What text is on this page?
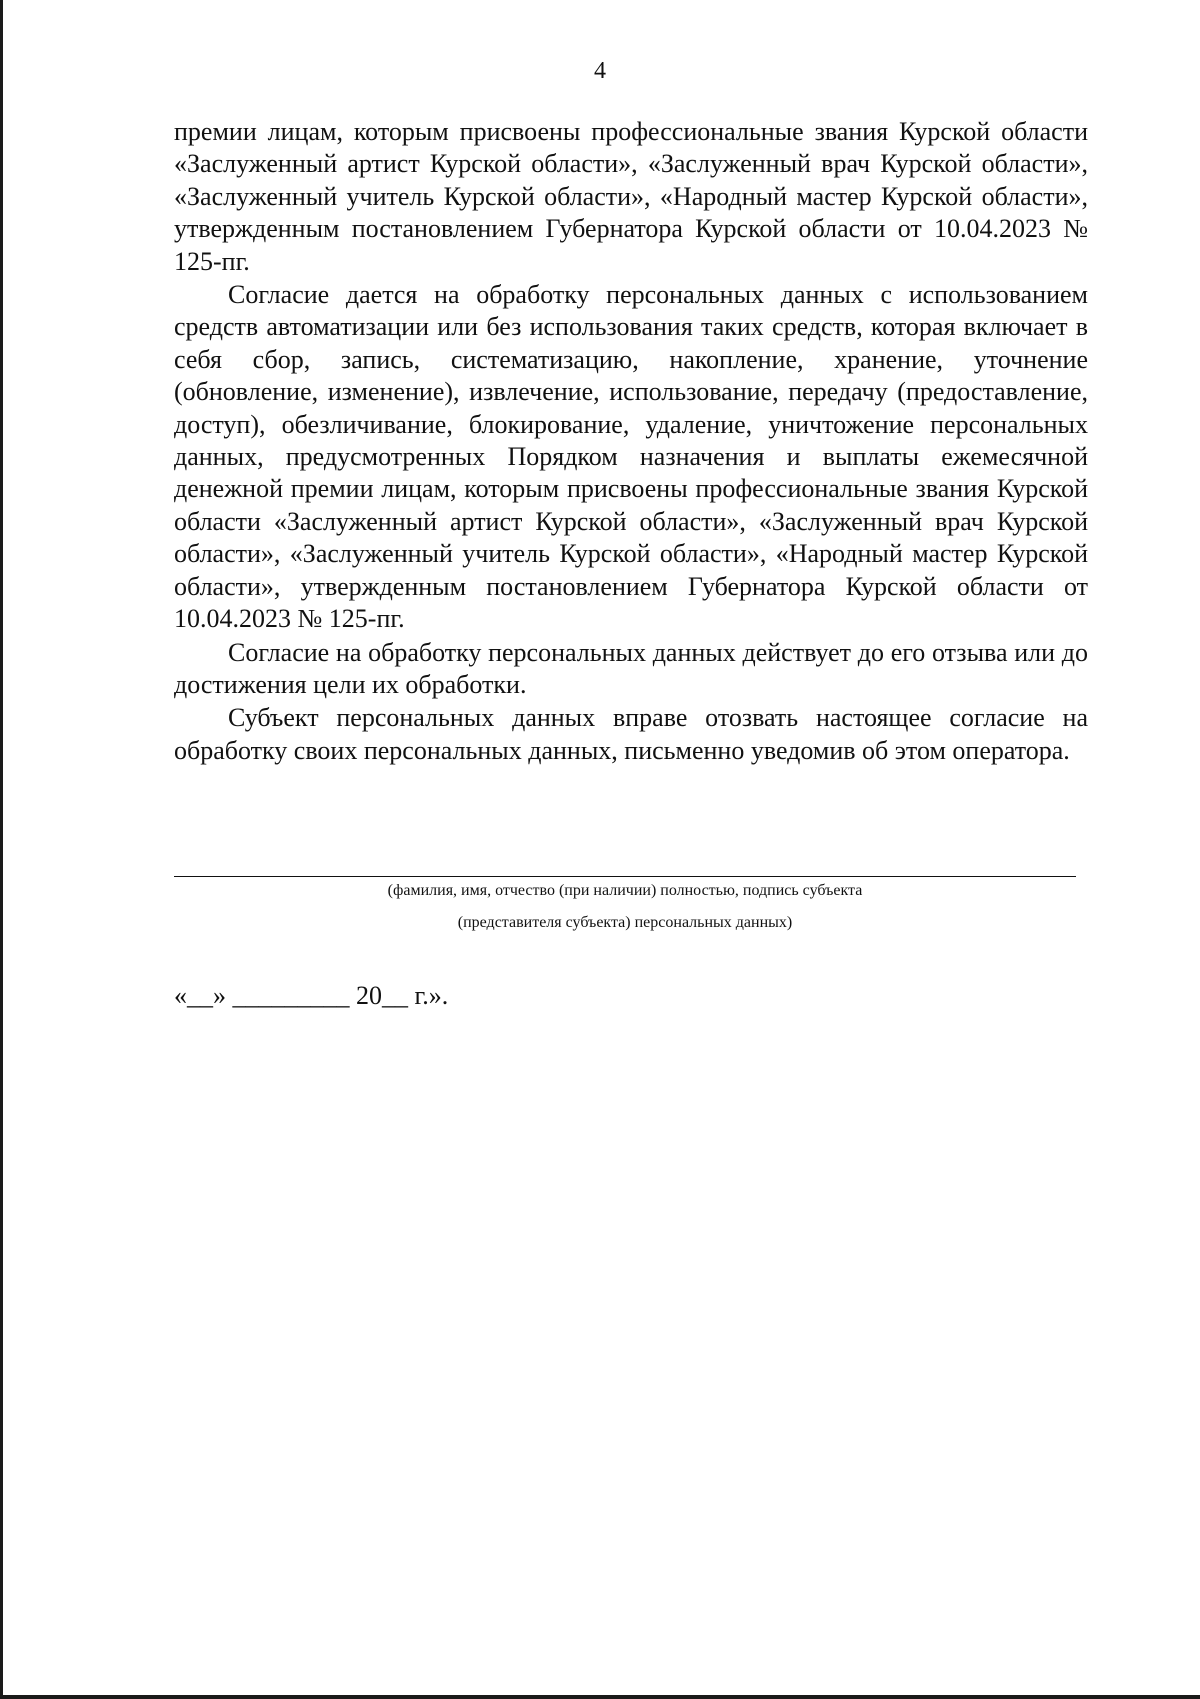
4

премии лицам, которым присвоены профессиональные звания Курской области «Заслуженный артист Курской области», «Заслуженный врач Курской области», «Заслуженный учитель Курской области», «Народный мастер Курской области», утвержденным постановлением Губернатора Курской области от 10.04.2023 № 125-пг.

Согласие дается на обработку персональных данных с использованием средств автоматизации или без использования таких средств, которая включает в себя сбор, запись, систематизацию, накопление, хранение, уточнение (обновление, изменение), извлечение, использование, передачу (предоставление, доступ), обезличивание, блокирование, удаление, уничтожение персональных данных, предусмотренных Порядком назначения и выплаты ежемесячной денежной премии лицам, которым присвоены профессиональные звания Курской области «Заслуженный артист Курской области», «Заслуженный врач Курской области», «Заслуженный учитель Курской области», «Народный мастер Курской области», утвержденным постановлением Губернатора Курской области от 10.04.2023 № 125-пг.

Согласие на обработку персональных данных действует до его отзыва или до достижения цели их обработки.

Субъект персональных данных вправе отозвать настоящее согласие на обработку своих персональных данных, письменно уведомив об этом оператора.

(фамилия, имя, отчество (при наличии) полностью, подпись субъекта
(представителя субъекта) персональных данных)
«__» _________ 20__ г.».
